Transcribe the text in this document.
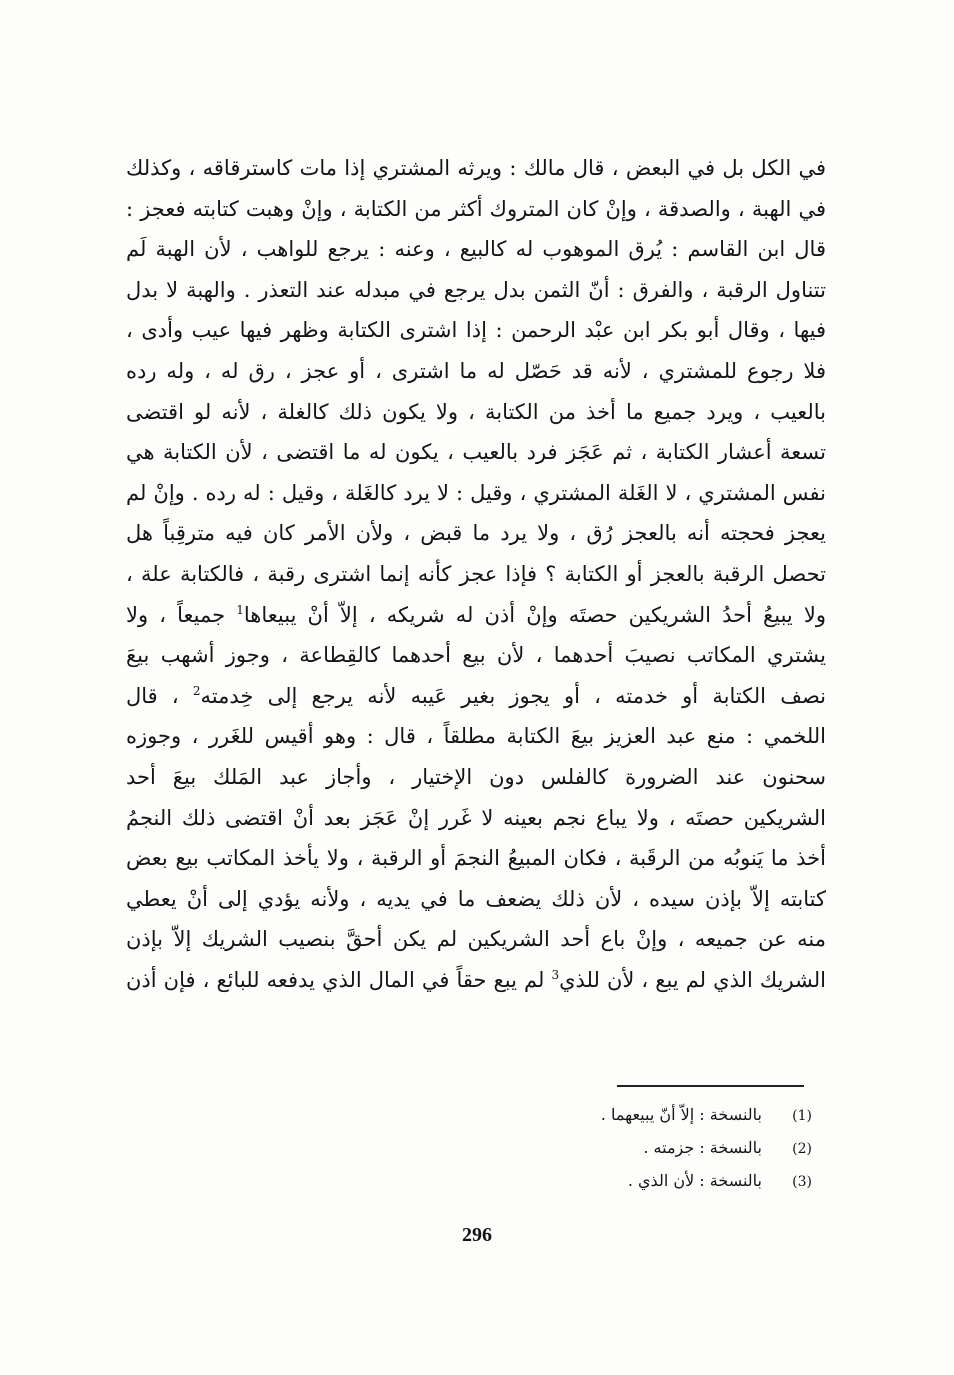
في الكل بل في البعض ، قال مالك : ويرثه المشتري إذا مات كاسترقاقه ، وكذلك
في الهبة ، والصدقة ، وإنْ كان المتروك أكثر من الكتابة ، وإنْ وهبت كتابته فعجز :
قال ابن القاسم : يُرق الموهوب له كالبيع ، وعنه : يرجع للواهب ، لأن الهبة لَم
تتناول الرقبة ، والفرق : أنّ الثمن بدل يرجع في مبدله عند التعذر . والهبة لا بدل
فيها ، وقال أبو بكر ابن عبْد الرحمن : إذا اشترى الكتابة وظهر فيها عيب وأدى ،
فلا رجوع للمشتري ، لأنه قد حَصّل له ما اشترى ، أو عجز ، رق له ، وله رده
بالعيب ، ويرد جميع ما أخذ من الكتابة ، ولا يكون ذلك كالغلة ، لأنه لو اقتضى
تسعة أعشار الكتابة ، ثم عَجَز فرد بالعيب ، يكون له ما اقتضى ، لأن الكتابة هي
نفس المشتري ، لا الغَلة المشتري ، وقيل : لا يرد كالغَلة ، وقيل : له رده . وإنْ لم
يعجز فحجته أنه بالعجز رُق ، ولا يرد ما قبض ، ولأن الأمر كان فيه مترقِباً هل
تحصل الرقبة بالعجز أو الكتابة ؟ فإذا عجز كأنه إنما اشترى رقبة ، فالكتابة علة ،
ولا يبيعُ أحدُ الشريكين حصتَه وإنْ أذن له شريكه ، إلاّ أنْ يبيعاها$^1$ جميعاً ، ولا
يشتري المكاتب نصيبَ أحدهما ، لأن بيع أحدهما كالقِطاعة ، وجوز أشهب بيعَ
نصف الكتابة أو خدمته ، أو يجوز بغير عَيبه لأنه يرجع إلى خِدمته$^2$ ، قال
اللخمي : منع عبد العزيز بيعَ الكتابة مطلقاً ، قال : وهو أقيس للغَرر ، وجوزه
سحنون عند الضرورة كالفلس دون الإختيار ، وأجاز عبد المَلك بيعَ أحد
الشريكين حصتَه ، ولا يباع نجم بعينه لا غَرر إنْ عَجَز بعد أنْ اقتضى ذلك النجمُ
أخذ ما يَنوبُه من الرقَبة ، فكان المبيعُ النجمَ أو الرقبة ، ولا يأخذ المكاتب بيع بعض
كتابته إلاّ بإذن سيده ، لأن ذلك يضعف ما في يديه ، ولأنه يؤدي إلى أنْ يعطي
منه عن جميعه ، وإنْ باع أحد الشريكين لم يكن أحقَّ بنصيب الشريك إلاّ بإذن
الشريك الذي لم يبع ، لأن للذي$^3$ لم يبع حقاً في المال الذي يدفعه للبائع ، فإن أذن
(1)بالنسخة : إلاّ أنّ يبيعهما .
(2)بالنسخة : جزمته .
(3)بالنسخة : لأن الذي .
296
